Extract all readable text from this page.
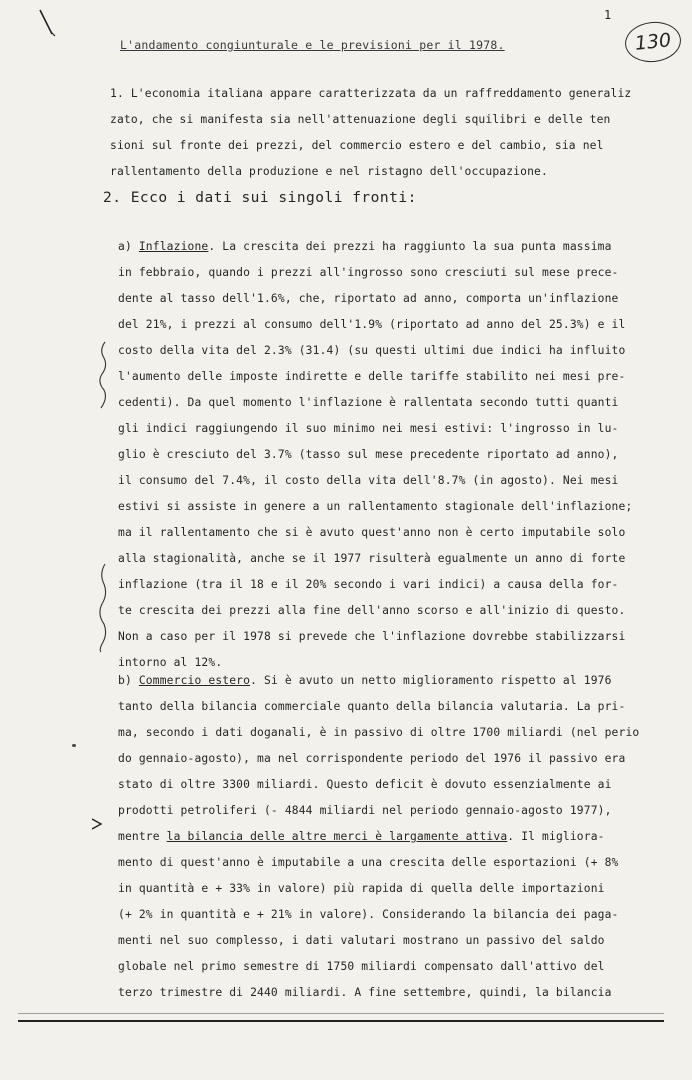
1
130
L'andamento congiunturale e le previsioni per il 1978.
1. L'economia italiana appare caratterizzata da un raffreddamento generaliz
zato, che si manifesta sia nell'attenuazione degli squilibri e delle ten
sioni sul fronte dei prezzi, del commercio estero e del cambio, sia nel
rallentamento della produzione e nel ristagno dell'occupazione.
2. Ecco i dati sui singoli fronti:
a) Inflazione. La crescita dei prezzi ha raggiunto la sua punta massima
in febbraio, quando i prezzi all'ingrosso sono cresciuti sul mese prece-
dente al tasso dell'1.6%, che, riportato ad anno, comporta un'inflazione
del 21%, i prezzi al consumo dell'1.9% (riportato ad anno del 25.3%) e il
costo della vita del 2.3% (31.4) (su questi ultimi due indici ha influito
l'aumento delle imposte indirette e delle tariffe stabilito nei mesi pre-
cedenti). Da quel momento l'inflazione è rallentata secondo tutti quanti
gli indici raggiungendo il suo minimo nei mesi estivi: l'ingrosso in lu-
glio è cresciuto del 3.7% (tasso sul mese precedente riportato ad anno),
il consumo del 7.4%, il costo della vita dell'8.7% (in agosto). Nei mesi
estivi si assiste in genere a un rallentamento stagionale dell'inflazione;
ma il rallentamento che si è avuto quest'anno non è certo imputabile solo
alla stagionalità, anche se il 1977 risulterà egualmente un anno di forte
inflazione (tra il 18 e il 20% secondo i vari indici) a causa della for-
te crescita dei prezzi alla fine dell'anno scorso e all'inizio di questo.
Non a caso per il 1978 si prevede che l'inflazione dovrebbe stabilizzarsi
intorno al 12%.
b) Commercio estero. Si è avuto un netto miglioramento rispetto al 1976
tanto della bilancia commerciale quanto della bilancia valutaria. La pri-
ma, secondo i dati doganali, è in passivo di oltre 1700 miliardi (nel perio
do gennaio-agosto), ma nel corrispondente periodo del 1976 il passivo era
stato di oltre 3300 miliardi. Questo deficit è dovuto essenzialmente ai
prodotti petroliferi (- 4844 miliardi nel periodo gennaio-agosto 1977),
mentre la bilancia delle altre merci è largamente attiva. Il migliora-
mento di quest'anno è imputabile a una crescita delle esportazioni (+ 8%
in quantità e + 33% in valore) più rapida di quella delle importazioni
(+ 2% in quantità e + 21% in valore). Considerando la bilancia dei paga-
menti nel suo complesso, i dati valutari mostrano un passivo del saldo
globale nel primo semestre di 1750 miliardi compensato dall'attivo del
terzo trimestre di 2440 miliardi. A fine settembre, quindi, la bilancia
